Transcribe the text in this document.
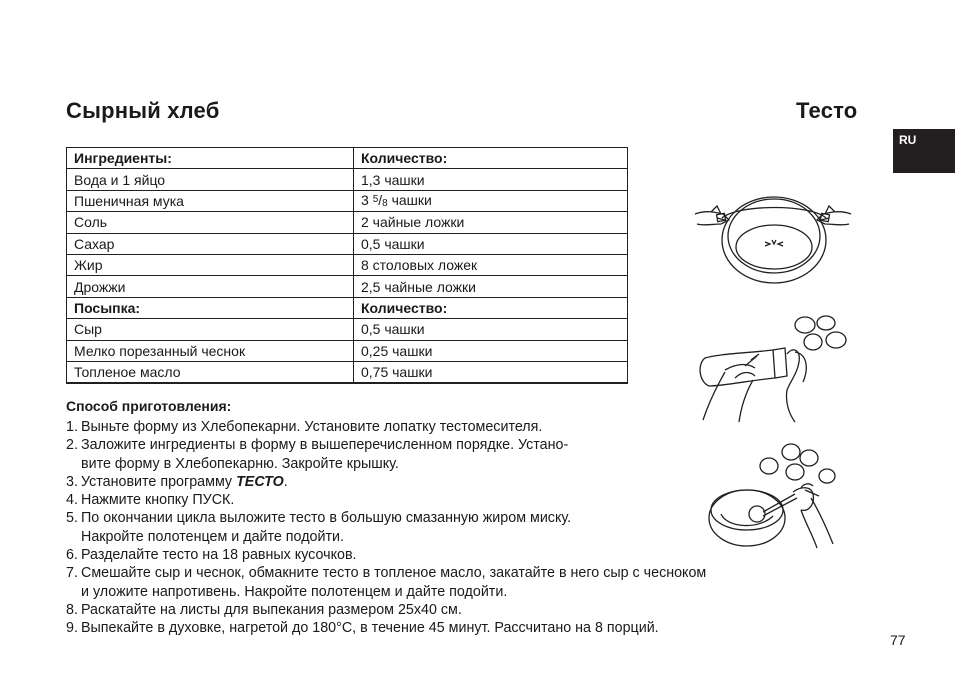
Сырный хлеб	Тесто
RU
Ингредиенты:	Количество:
Вода и 1 яйцо	1,3 чашки
Пшеничная мука	3 $^5$/8 чашки
Соль	2 чайные ложки
Сахар	0,5 чашки
Жир	8 столовых ложек
Дрожжи	2,5 чайные ложки
Посыпка:	Количество:
Сыр	0,5 чашки
Мелко порезанный чеснок	0,25 чашки
Топленое масло	0,75 чашки
Способ приготовления:
1. Выньте форму из Хлебопекарни. Установите лопатку тестомесителя.
2. Заложите ингредиенты в форму в вышеперечисленном порядке. Устано-
вите форму в Хлебопекарню. Закройте крышку.
3. Установите программу ТЕСТО.
4. Нажмите кнопку ПУСК.
5. По окончании цикла выложите тесто в большую смазанную жиром миску.
Накройте полотенцем и дайте подойти.
6. Разделайте тесто на 18 равных кусочков.
7. Смешайте сыр и чеснок, обмакните тесто в топленое масло, закатайте в него сыр с чесноком
и уложите напротивень. Накройте полотенцем и дайте подойти.
8. Раскатайте на листы для выпекания размером 25х40 см.
9. Выпекайте в духовке, нагретой до 180°С, в течение 45 минут. Рассчитано на 8 порций.
77
